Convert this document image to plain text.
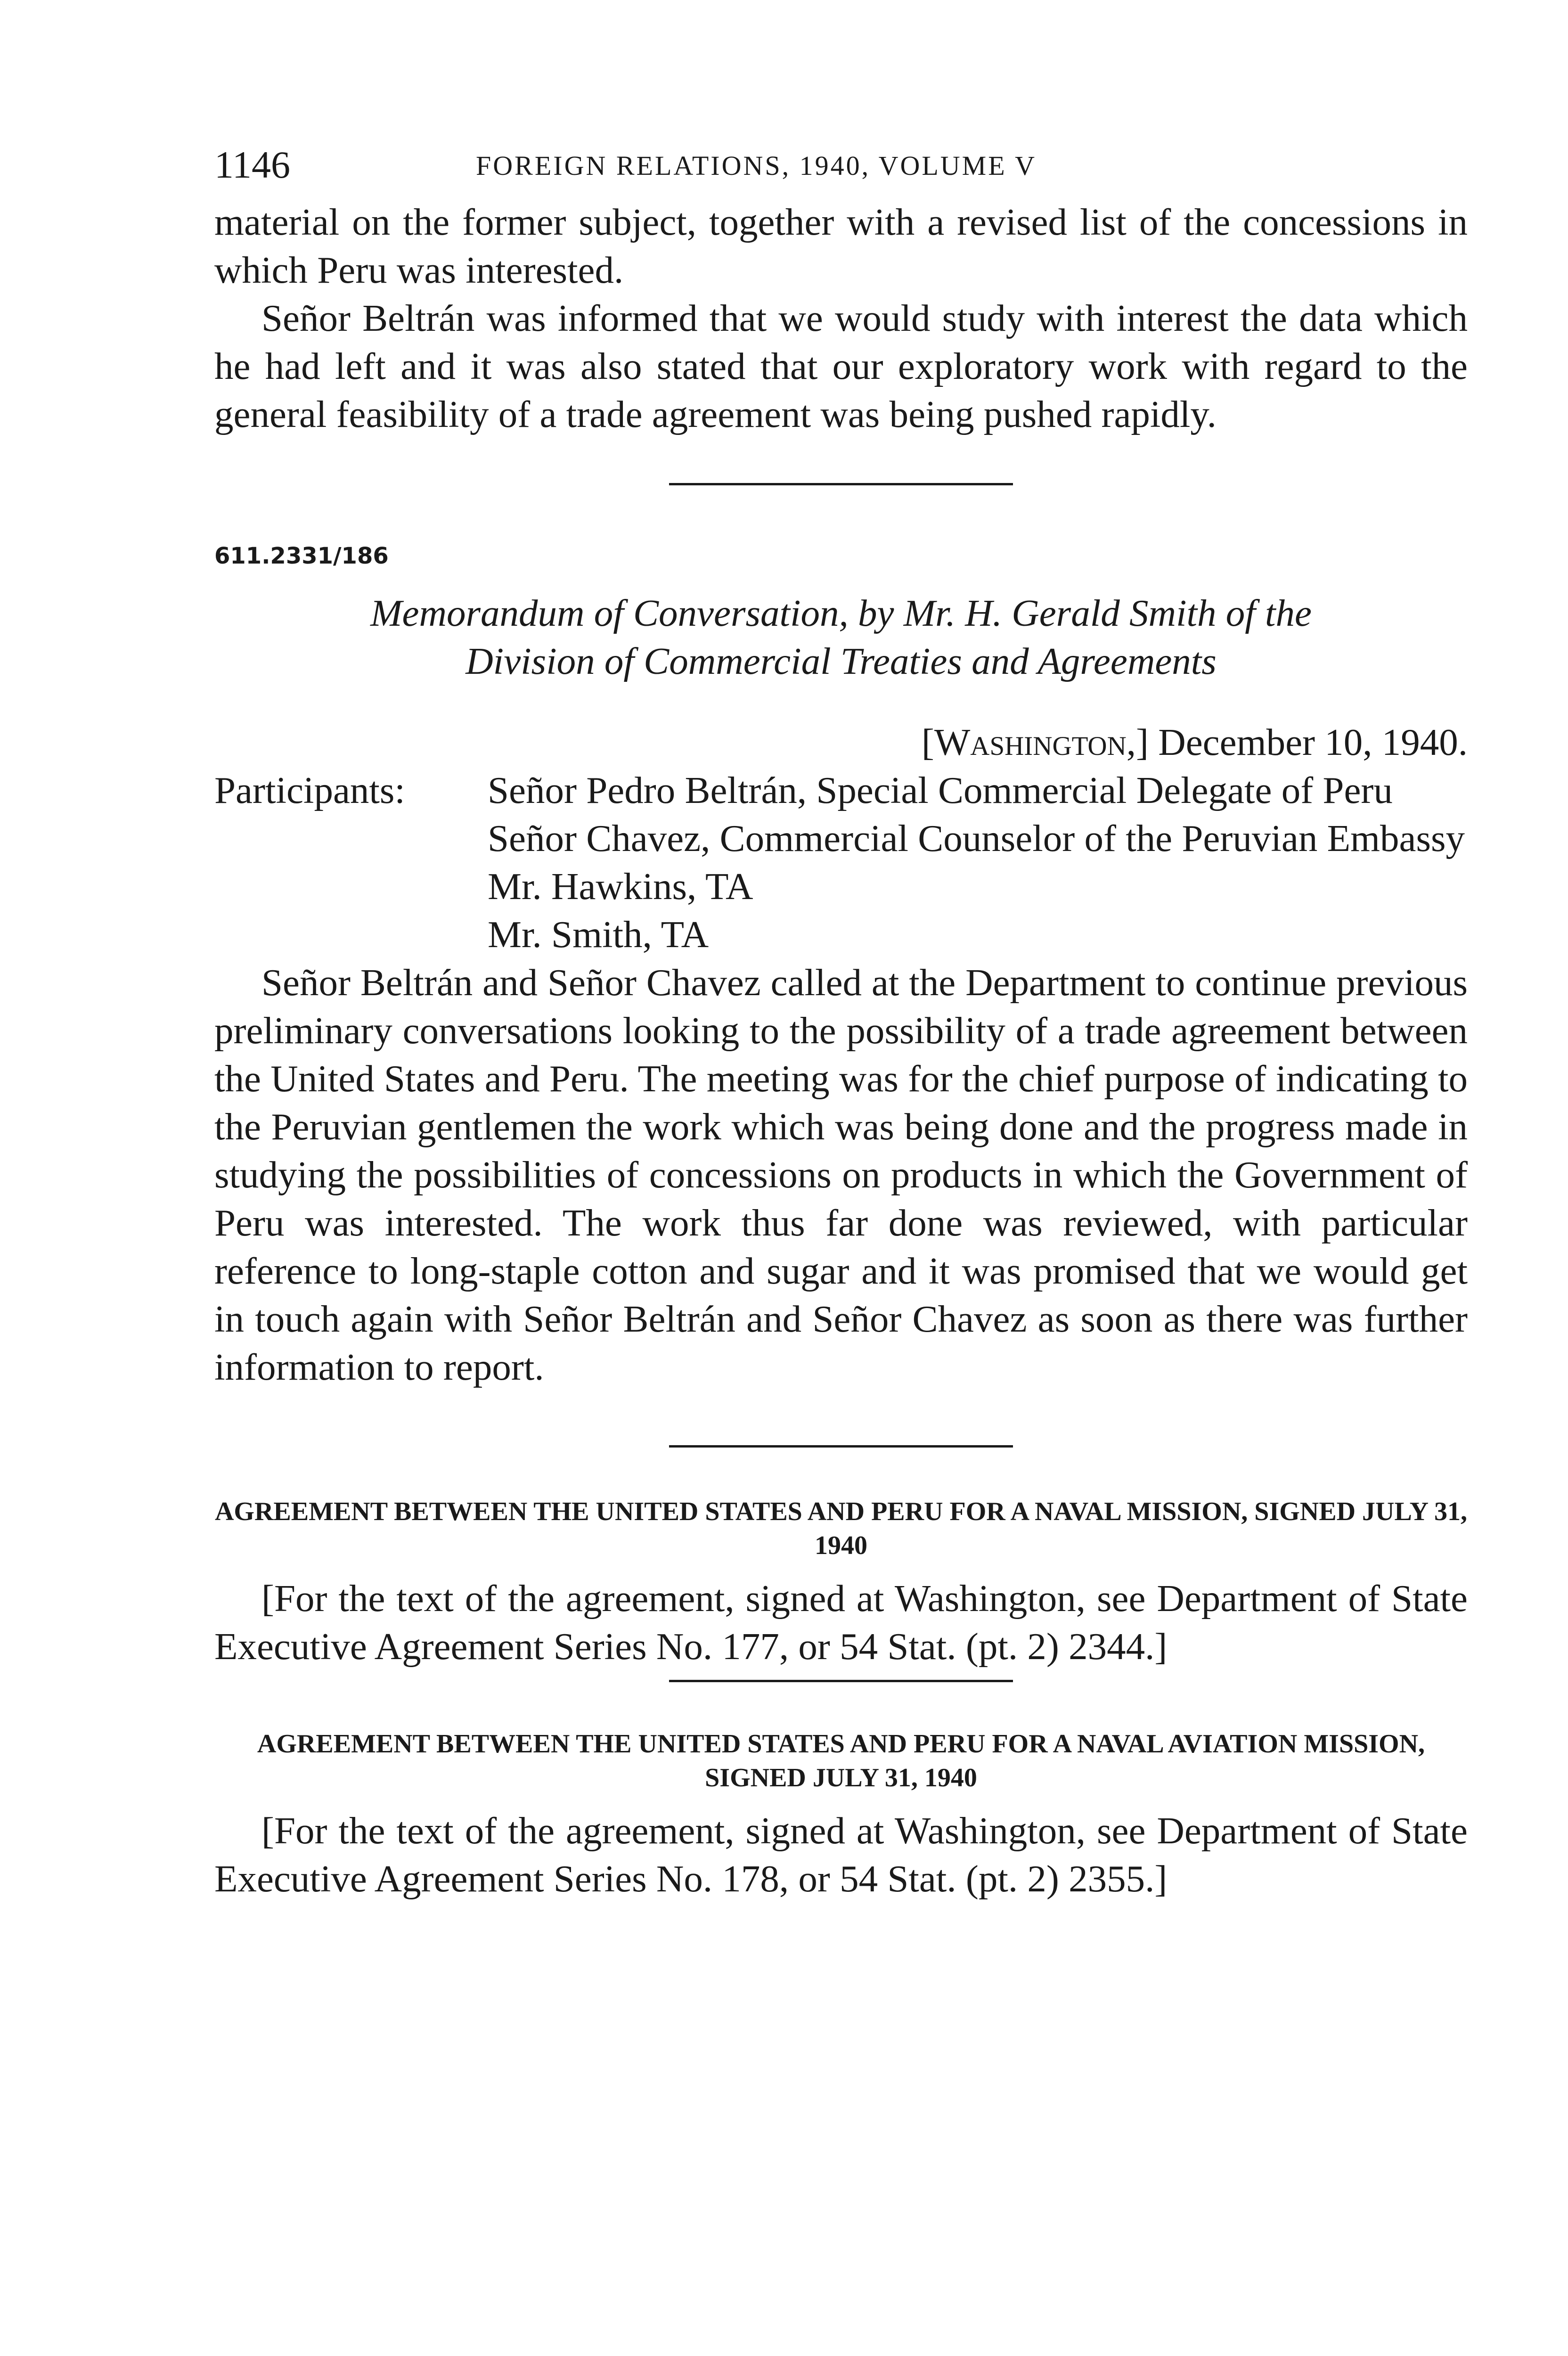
1146	FOREIGN RELATIONS, 1940, VOLUME V

material on the former subject, together with a revised list of the concessions in which Peru was interested.

Señor Beltrán was informed that we would study with interest the data which he had left and it was also stated that our exploratory work with regard to the general feasibility of a trade agreement was being pushed rapidly.

611.2331/186

Memorandum of Conversation, by Mr. H. Gerald Smith of the

Division of Commercial Treaties and Agreements

[Washington,] December 10, 1940.

Participants:	Señor Pedro Beltrán, Special Commercial Delegate of Peru
Señor Chavez, Commercial Counselor of the Peruvian Embassy
Mr. Hawkins, TA
Mr. Smith, TA

Señor Beltrán and Señor Chavez called at the Department to continue previous preliminary conversations looking to the possibility of a trade agreement between the United States and Peru. The meeting was for the chief purpose of indicating to the Peruvian gentlemen the work which was being done and the progress made in studying the possibilities of concessions on products in which the Government of Peru was interested. The work thus far done was reviewed, with particular reference to long-staple cotton and sugar and it was promised that we would get in touch again with Señor Beltrán and Señor Chavez as soon as there was further information to report.

AGREEMENT BETWEEN THE UNITED STATES AND PERU FOR A NAVAL MISSION, SIGNED JULY 31, 1940

[For the text of the agreement, signed at Washington, see Department of State Executive Agreement Series No. 177, or 54 Stat. (pt. 2) 2344.]

AGREEMENT BETWEEN THE UNITED STATES AND PERU FOR A NAVAL AVIATION MISSION, SIGNED JULY 31, 1940

[For the text of the agreement, signed at Washington, see Department of State Executive Agreement Series No. 178, or 54 Stat. (pt. 2) 2355.]
